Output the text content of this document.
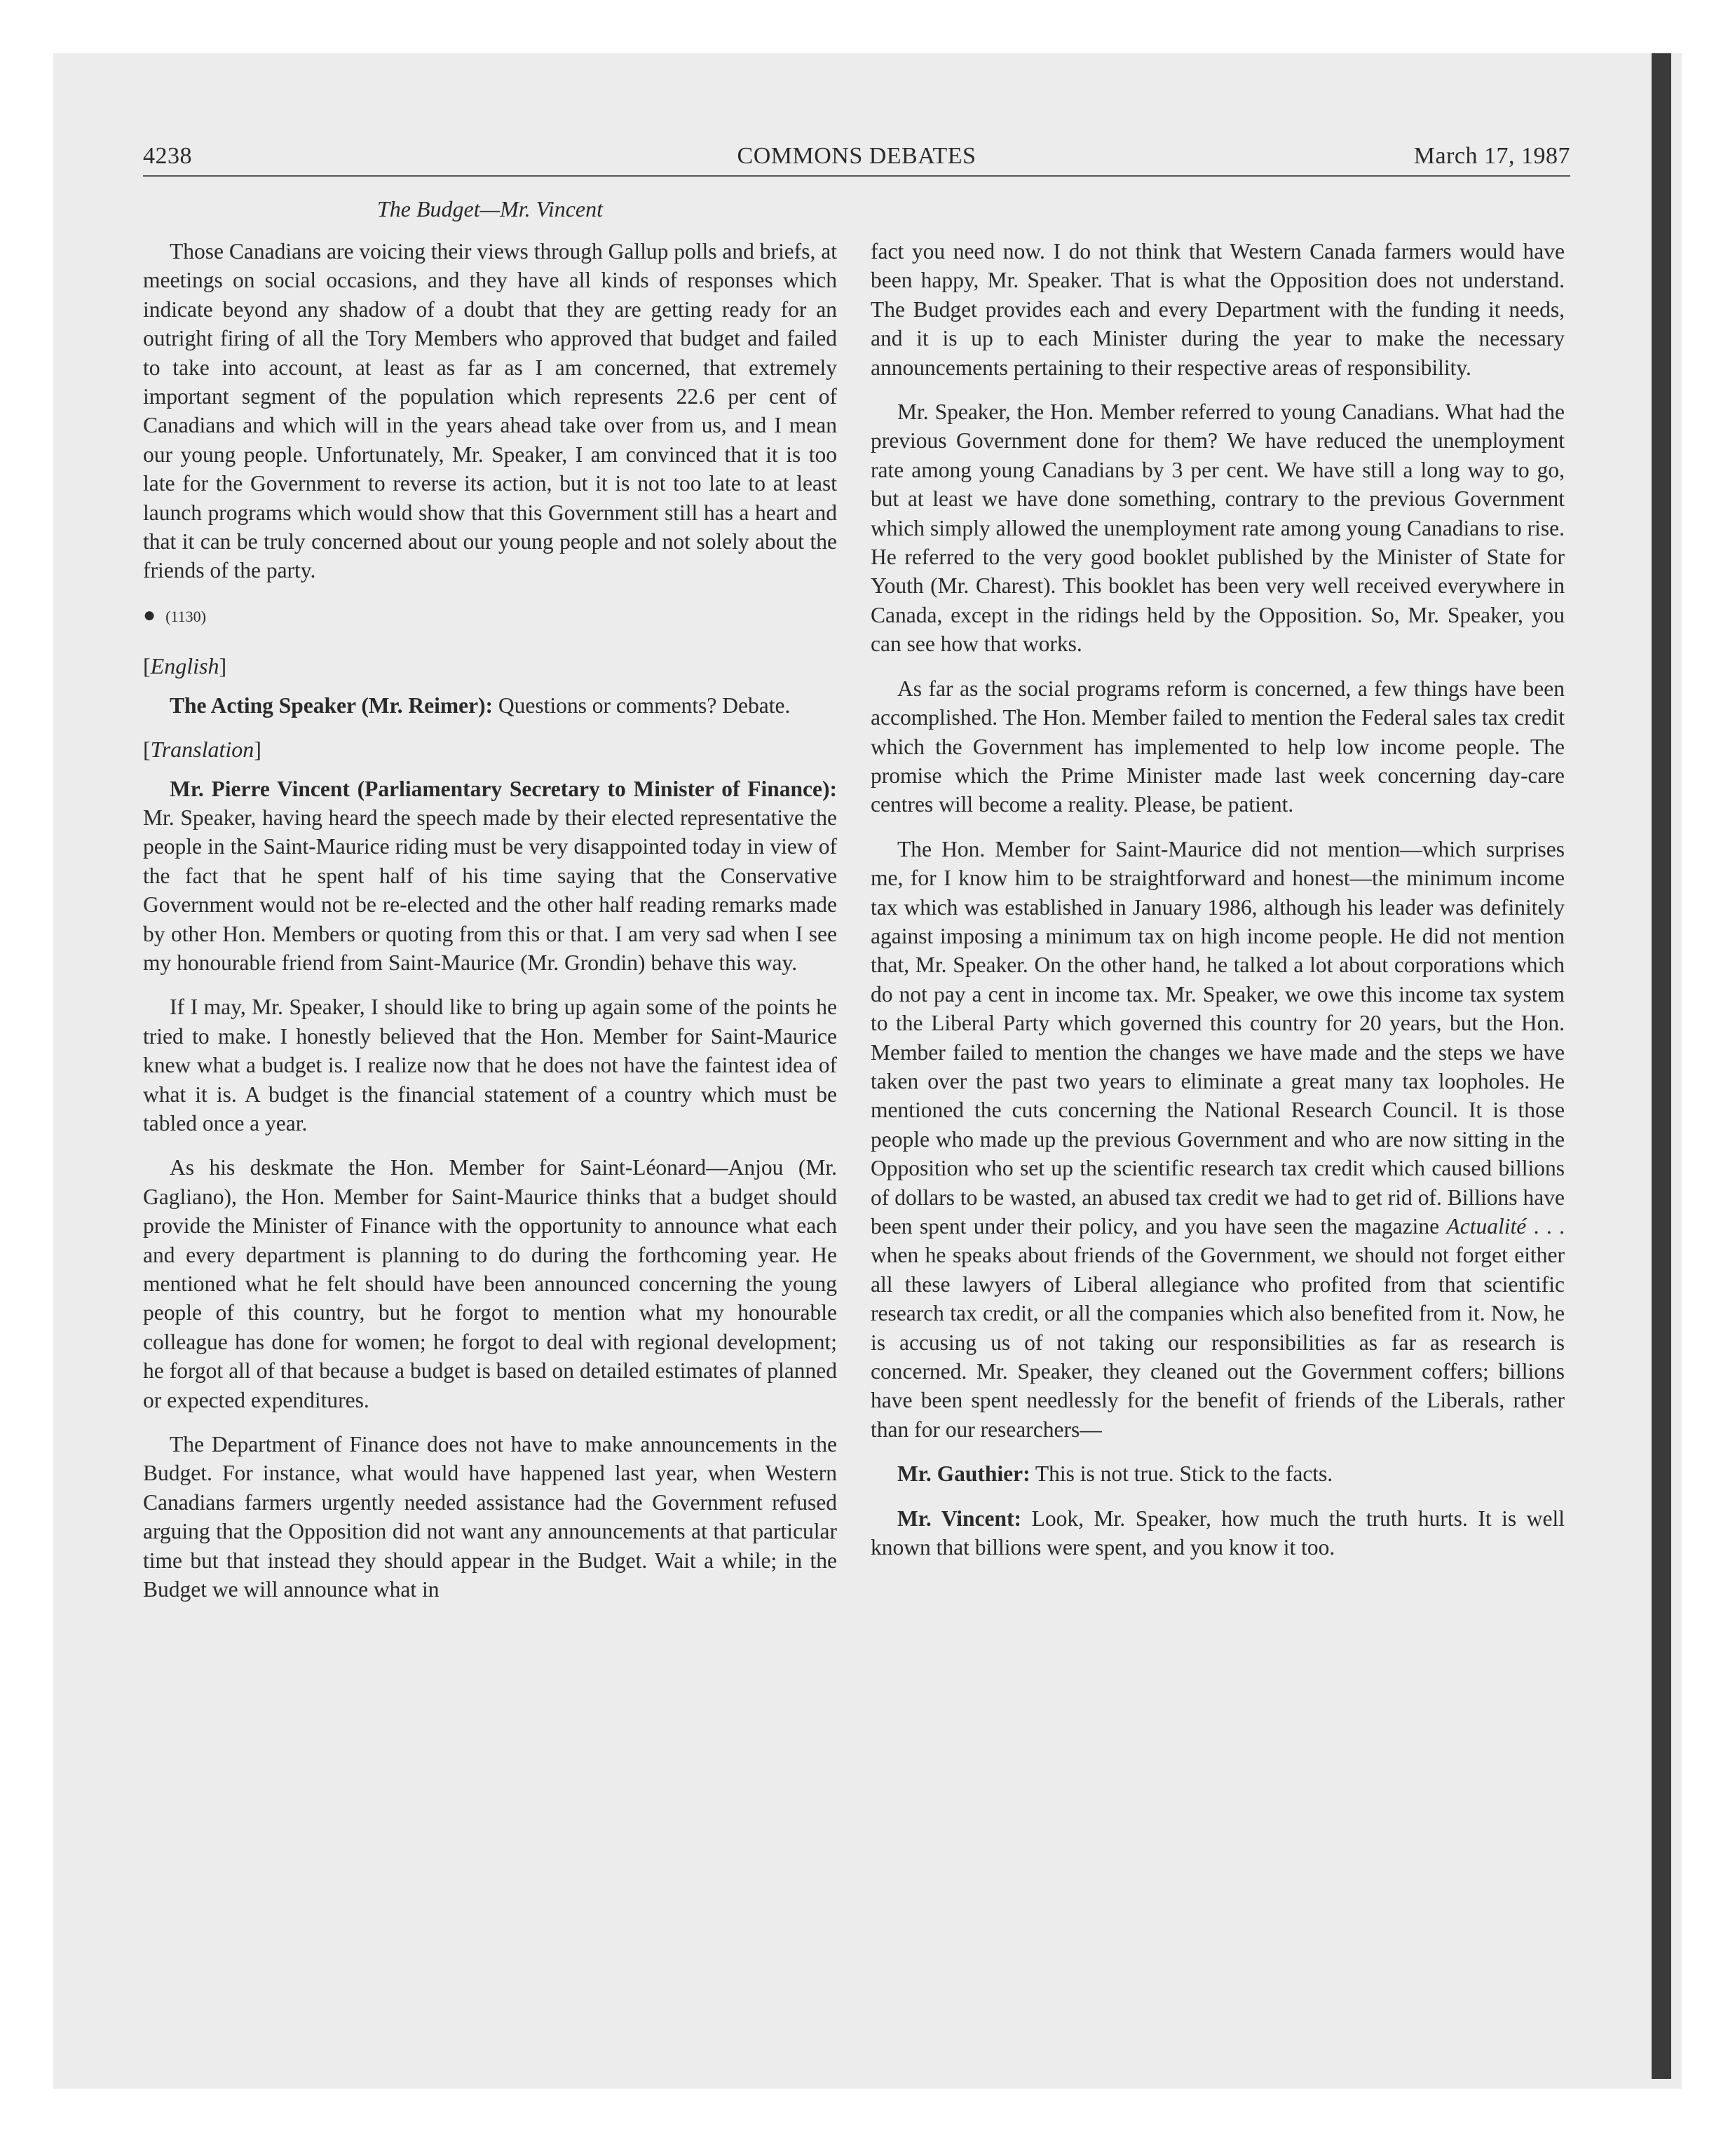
4238	COMMONS DEBATES	March 17, 1987
The Budget—Mr. Vincent

Those Canadians are voicing their views through Gallup polls and briefs, at meetings on social occasions, and they have all kinds of responses which indicate beyond any shadow of a doubt that they are getting ready for an outright firing of all the Tory Members who approved that budget and failed to take into account, at least as far as I am concerned, that extremely important segment of the population which represents 22.6 per cent of Canadians and which will in the years ahead take over from us, and I mean our young people. Unfortunately, Mr. Speaker, I am convinced that it is too late for the Government to reverse its action, but it is not too late to at least launch programs which would show that this Government still has a heart and that it can be truly concerned about our young people and not solely about the friends of the party.

● (1130)
[English]

The Acting Speaker (Mr. Reimer): Questions or comments? Debate.

[Translation]

Mr. Pierre Vincent (Parliamentary Secretary to Minister of Finance): Mr. Speaker, having heard the speech made by their elected representative the people in the Saint-Maurice riding must be very disappointed today in view of the fact that he spent half of his time saying that the Conservative Government would not be re-elected and the other half reading remarks made by other Hon. Members or quoting from this or that. I am very sad when I see my honourable friend from Saint-Maurice (Mr. Grondin) behave this way.

If I may, Mr. Speaker, I should like to bring up again some of the points he tried to make. I honestly believed that the Hon. Member for Saint-Maurice knew what a budget is. I realize now that he does not have the faintest idea of what it is. A budget is the financial statement of a country which must be tabled once a year.

As his deskmate the Hon. Member for Saint-Léonard—Anjou (Mr. Gagliano), the Hon. Member for Saint-Maurice thinks that a budget should provide the Minister of Finance with the opportunity to announce what each and every department is planning to do during the forthcoming year. He mentioned what he felt should have been announced concerning the young people of this country, but he forgot to mention what my honourable colleague has done for women; he forgot to deal with regional development; he forgot all of that because a budget is based on detailed estimates of planned or expected expenditures.

The Department of Finance does not have to make announcements in the Budget. For instance, what would have happened last year, when Western Canadians farmers urgently needed assistance had the Government refused arguing that the Opposition did not want any announcements at that particular time but that instead they should appear in the Budget. Wait a while; in the Budget we will announce what in

fact you need now. I do not think that Western Canada farmers would have been happy, Mr. Speaker. That is what the Opposition does not understand. The Budget provides each and every Department with the funding it needs, and it is up to each Minister during the year to make the necessary announcements pertaining to their respective areas of responsibility.

Mr. Speaker, the Hon. Member referred to young Canadians. What had the previous Government done for them? We have reduced the unemployment rate among young Canadians by 3 per cent. We have still a long way to go, but at least we have done something, contrary to the previous Government which simply allowed the unemployment rate among young Canadians to rise. He referred to the very good booklet published by the Minister of State for Youth (Mr. Charest). This booklet has been very well received everywhere in Canada, except in the ridings held by the Opposition. So, Mr. Speaker, you can see how that works.

As far as the social programs reform is concerned, a few things have been accomplished. The Hon. Member failed to mention the Federal sales tax credit which the Government has implemented to help low income people. The promise which the Prime Minister made last week concerning day-care centres will become a reality. Please, be patient.

The Hon. Member for Saint-Maurice did not mention—which surprises me, for I know him to be straightforward and honest—the minimum income tax which was established in January 1986, although his leader was definitely against imposing a minimum tax on high income people. He did not mention that, Mr. Speaker. On the other hand, he talked a lot about corporations which do not pay a cent in income tax. Mr. Speaker, we owe this income tax system to the Liberal Party which governed this country for 20 years, but the Hon. Member failed to mention the changes we have made and the steps we have taken over the past two years to eliminate a great many tax loopholes. He mentioned the cuts concerning the National Research Council. It is those people who made up the previous Government and who are now sitting in the Opposition who set up the scientific research tax credit which caused billions of dollars to be wasted, an abused tax credit we had to get rid of. Billions have been spent under their policy, and you have seen the magazine Actualité . . . when he speaks about friends of the Government, we should not forget either all these lawyers of Liberal allegiance who profited from that scientific research tax credit, or all the companies which also benefited from it. Now, he is accusing us of not taking our responsibilities as far as research is concerned. Mr. Speaker, they cleaned out the Government coffers; billions have been spent needlessly for the benefit of friends of the Liberals, rather than for our researchers—

Mr. Gauthier: This is not true. Stick to the facts.

Mr. Vincent: Look, Mr. Speaker, how much the truth hurts. It is well known that billions were spent, and you know it too.
